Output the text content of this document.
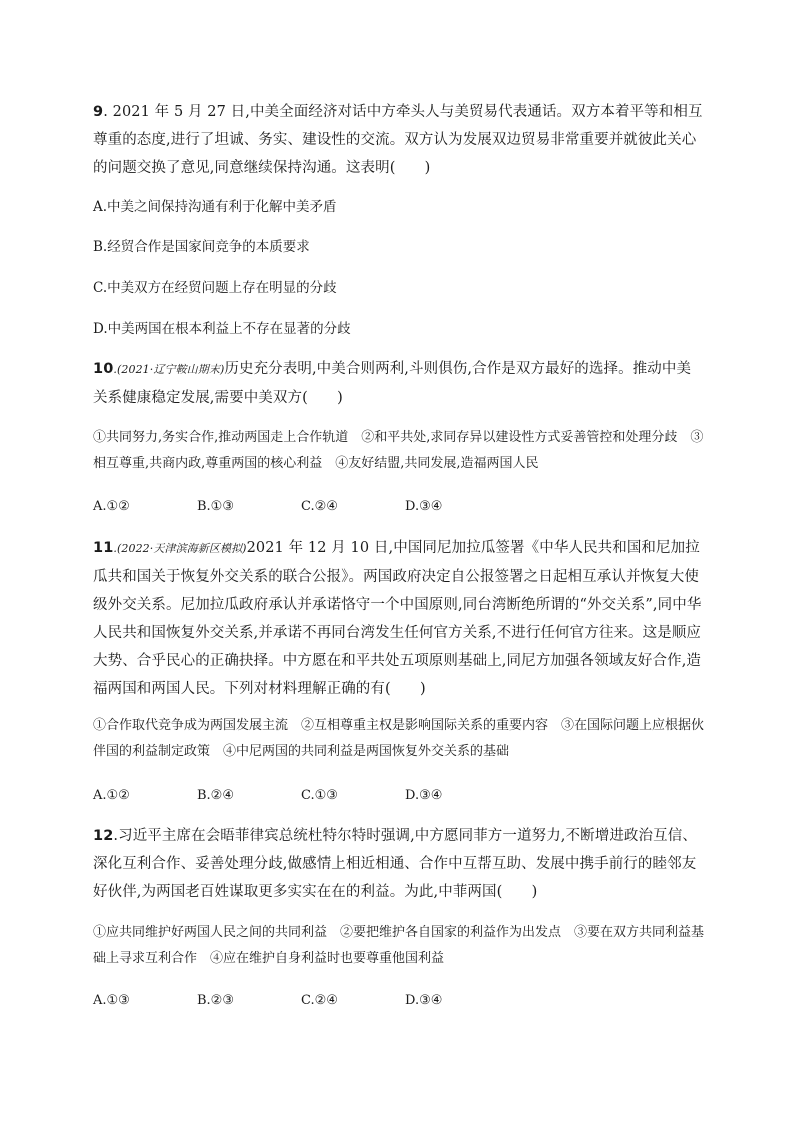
9. 2021 年 5 月 27 日,中美全面经济对话中方牵头人与美贸易代表通话。双方本着平等和相互尊重的态度,进行了坦诚、务实、建设性的交流。双方认为发展双边贸易非常重要并就彼此关心的问题交换了意见,同意继续保持沟通。这表明(　　)

A.中美之间保持沟通有利于化解中美矛盾

B.经贸合作是国家间竞争的本质要求

C.中美双方在经贸问题上存在明显的分歧

D.中美两国在根本利益上不存在显著的分歧

10.(2021·辽宁鞍山期末)历史充分表明,中美合则两利,斗则俱伤,合作是双方最好的选择。推动中美关系健康稳定发展,需要中美双方(　　)

①共同努力,务实合作,推动两国走上合作轨道　②和平共处,求同存异以建设性方式妥善管控和处理分歧　③相互尊重,共商内政,尊重两国的核心利益　④友好结盟,共同发展,造福两国人民

A.①②	B.①③	C.②④	D.③④

11.(2022·天津滨海新区模拟)2021 年 12 月 10 日,中国同尼加拉瓜签署《中华人民共和国和尼加拉瓜共和国关于恢复外交关系的联合公报》。两国政府决定自公报签署之日起相互承认并恢复大使级外交关系。尼加拉瓜政府承认并承诺恪守一个中国原则,同台湾断绝所谓的“外交关系”,同中华人民共和国恢复外交关系,并承诺不再同台湾发生任何官方关系,不进行任何官方往来。这是顺应大势、合乎民心的正确抉择。中方愿在和平共处五项原则基础上,同尼方加强各领域友好合作,造福两国和两国人民。下列对材料理解正确的有(　　)

①合作取代竞争成为两国发展主流　②互相尊重主权是影响国际关系的重要内容　③在国际问题上应根据伙伴国的利益制定政策　④中尼两国的共同利益是两国恢复外交关系的基础

A.①②	B.②④	C.①③	D.③④

12.习近平主席在会晤菲律宾总统杜特尔特时强调,中方愿同菲方一道努力,不断增进政治互信、深化互利合作、妥善处理分歧,做感情上相近相通、合作中互帮互助、发展中携手前行的睦邻友好伙伴,为两国老百姓谋取更多实实在在的利益。为此,中菲两国(　　)

①应共同维护好两国人民之间的共同利益　②要把维护各自国家的利益作为出发点　③要在双方共同利益基础上寻求互利合作　④应在维护自身利益时也要尊重他国利益

A.①③	B.②③	C.②④	D.③④
